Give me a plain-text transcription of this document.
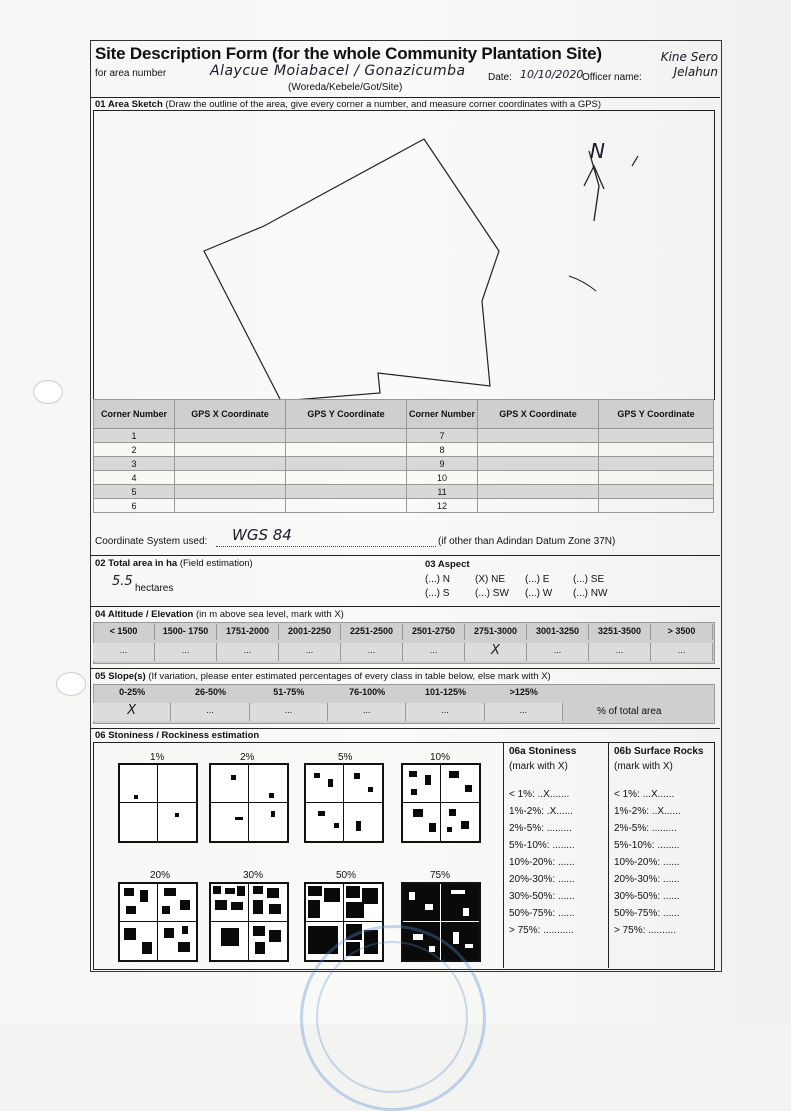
Site Description Form (for the whole Community Plantation Site)
for area number	Alaycue Moiabacel / Gonazicumba
(Woreda/Kebele/Got/Site)
Date: 10/10/2020
Officer name:
Kine Sero Jelahun
01 Area Sketch (Draw the outline of the area, give every corner a number, and measure corner coordinates with a GPS)
N
Corner Number	GPS X Coordinate	GPS Y Coordinate	Corner Number	GPS X Coordinate	GPS Y Coordinate
1			7		
2			8		
3			9		
4			10		
5			11		
6			12		
Coordinate System used: WGS 84	(if other than Adindan Datum Zone 37N)
02 Total area in ha (Field estimation)
5.5 hectares
03 Aspect
(...) N	(X) NE (...) E (...) SE
(...) S	(...) SW (...) W (...) NW
04 Altitude / Elevation (in m above sea level, mark with X)
< 1500	1500- 1750	1751-2000	2001-2250	2251-2500	2501-2750	2751-3000	3001-3250	3251-3500	> 3500
...	...	...	...	...	...	X	...	...	...
05 Slope(s) (If variation, please enter estimated percentages of every class in table below, else mark with X)
0-25%	26-50%	51-75%	76-100%	101-125%	>125%
X	...	...	...	...	...	% of total area
06 Stoniness / Rockiness estimation
1%	2%	5%	10%
20%	30%	50%	75%
06a Stoniness
(mark with X)
< 1%: ..X.......
1%-2%: .X......
2%-5%: .........
5%-10%: ........
10%-20%: ......
20%-30%: ......
30%-50%: ......
50%-75%: ......
> 75%: ...........
06b Surface Rocks
(mark with X)
< 1%: ...X......
1%-2%: ..X......
2%-5%: .........
5%-10%: ........
10%-20%: ......
20%-30%: ......
30%-50%: ......
50%-75%: ......
> 75%: ..........
